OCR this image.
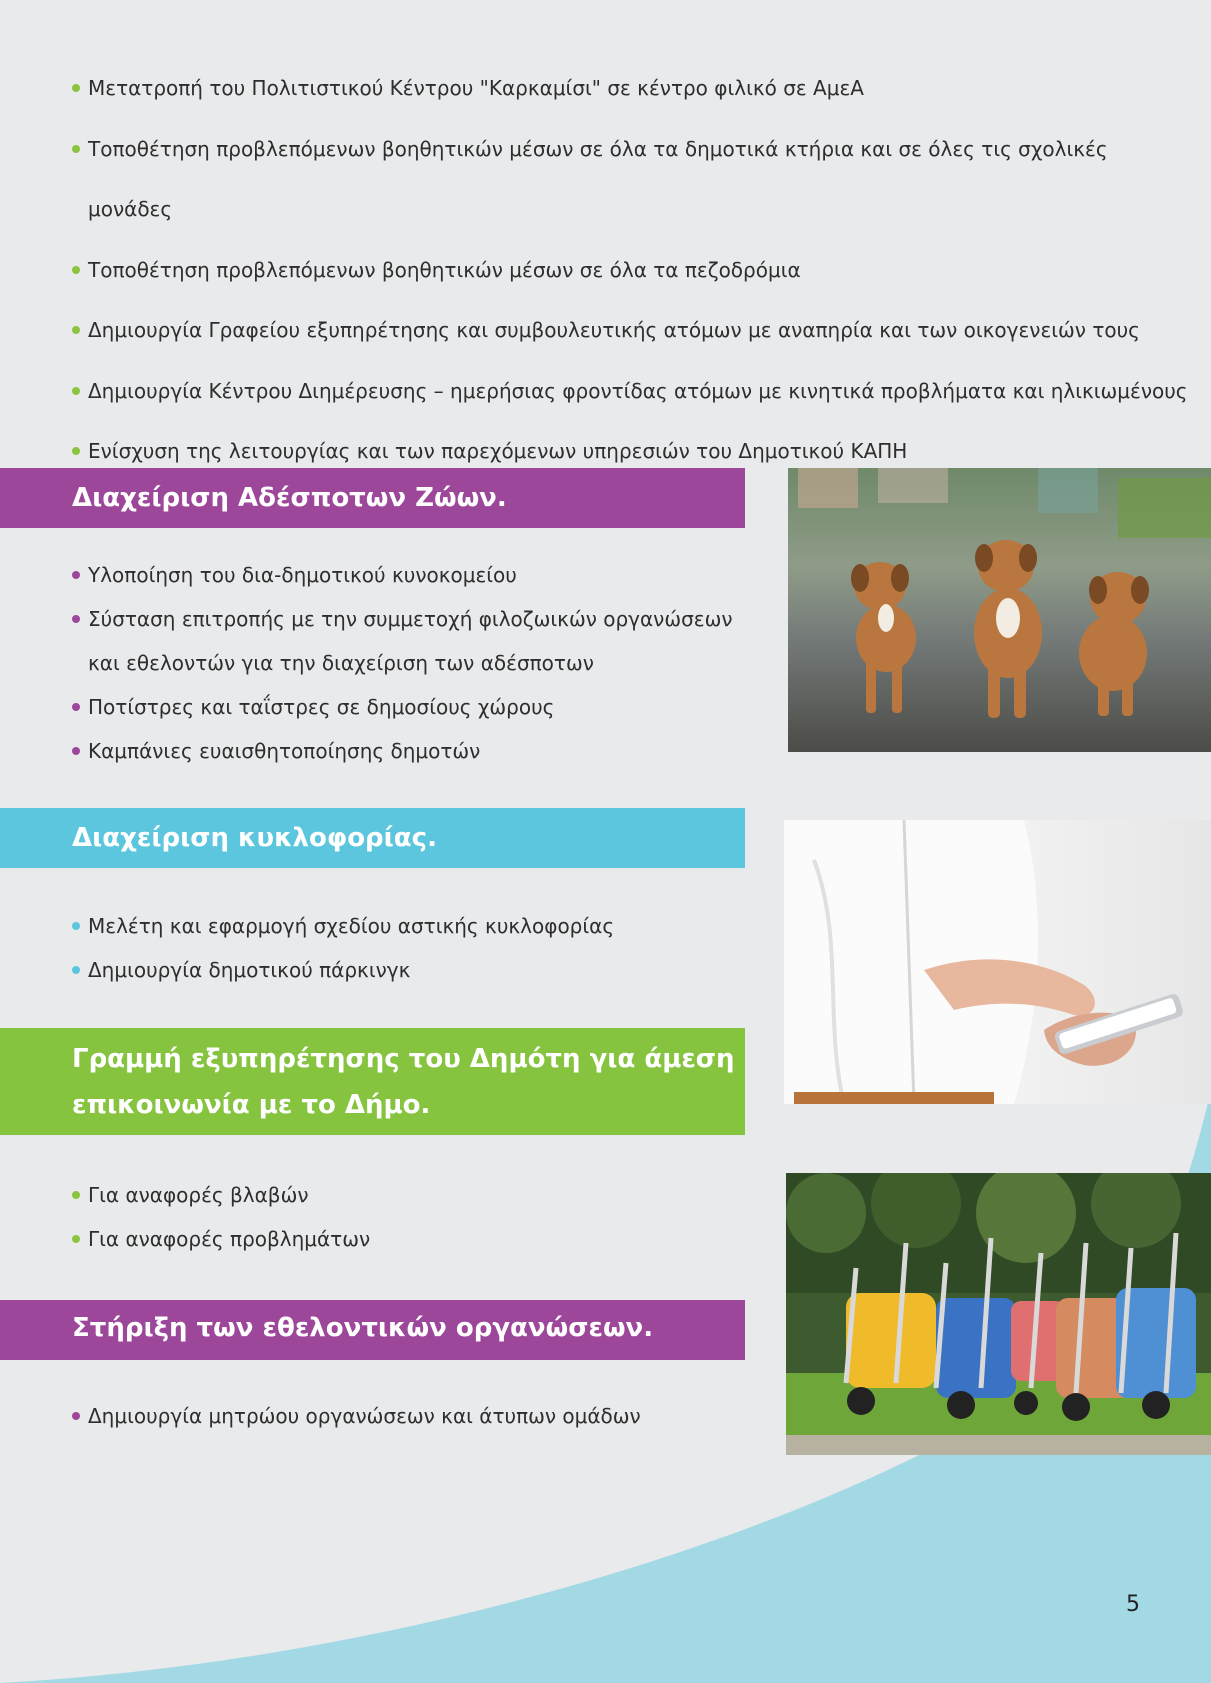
Μετατροπή του Πολιτιστικού Κέντρου "Καρκαμίσι" σε κέντρο φιλικό σε ΑμεΑ
Τοποθέτηση προβλεπόμενων βοηθητικών μέσων σε όλα τα δημοτικά κτήρια και σε όλες τις σχολικές μονάδες
Τοποθέτηση προβλεπόμενων βοηθητικών μέσων σε όλα τα πεζοδρόμια
Δημιουργία Γραφείου εξυπηρέτησης και συμβουλευτικής ατόμων με αναπηρία και των οικογενειών τους
Δημιουργία Κέντρου Διημέρευσης – ημερήσιας φροντίδας ατόμων με κινητικά προβλήματα και ηλικιωμένους
Ενίσχυση της λειτουργίας και των παρεχόμενων υπηρεσιών του Δημοτικού ΚΑΠΗ
Διαχείριση Αδέσποτων Ζώων.
Υλοποίηση του δια-δημοτικού κυνοκομείου
Σύσταση επιτροπής με την συμμετοχή φιλοζωικών οργανώσεων και εθελοντών για την διαχείριση των αδέσποτων
Ποτίστρες και ταΐστρες σε δημοσίους χώρους
Καμπάνιες ευαισθητοποίησης δημοτών
Διαχείριση κυκλοφορίας.
Μελέτη και εφαρμογή σχεδίου αστικής κυκλοφορίας
Δημιουργία δημοτικού πάρκινγκ
Γραμμή εξυπηρέτησης του Δημότη για άμεση
επικοινωνία με το Δήμο.
Για αναφορές βλαβών
Για αναφορές προβλημάτων
Στήριξη των εθελοντικών οργανώσεων.
Δημιουργία μητρώου οργανώσεων και άτυπων ομάδων
5
